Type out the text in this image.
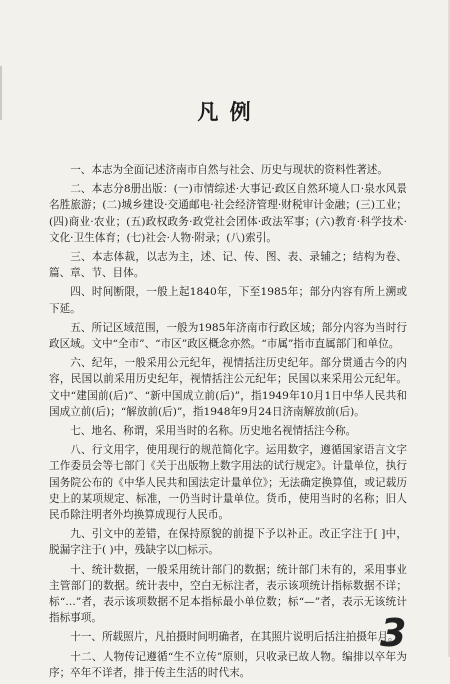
凡 例

一、本志为全面记述济南市自然与社会、历史与现状的资料性著述。

二、本志分8册出版：(一)市情综述·大事记·政区自然环境人口·泉水风景名胜旅游；(二)城乡建设·交通邮电·社会经济管理·财税审计金融；(三)工业；(四)商业·农业；(五)政权政务·政党社会团体·政法军事；(六)教育·科学技术·文化·卫生体育；(七)社会·人物·附录；(八)索引。

三、本志体裁，以志为主，述、记、传、图、表、录辅之；结构为卷、篇、章、节、目体。

四、时间断限，一般上起1840年，下至1985年；部分内容有所上溯或下延。

五、所记区域范围，一般为1985年济南市行政区域；部分内容为当时行政区域。文中“全市”、“市区”政区概念亦然。“市属”指市直属部门和单位。

六、纪年，一般采用公元纪年，视情括注历史纪年。部分贯通古今的内容，民国以前采用历史纪年，视情括注公元纪年；民国以来采用公元纪年。文中“建国前(后)”、“新中国成立前(后)”，指1949年10月1日中华人民共和国成立前(后)；“解放前(后)”，指1948年9月24日济南解放前(后)。

七、地名、称谓，采用当时的名称。历史地名视情括注今称。

八、行文用字，使用现行的规范简化字。运用数字，遵循国家语言文字工作委员会等七部门《关于出版物上数字用法的试行规定》。计量单位，执行国务院公布的《中华人民共和国法定计量单位》；无法确定换算值，或记载历史上的某项规定、标准，一仍当时计量单位。货币，使用当时的名称；旧人民币除注明者外均换算成现行人民币。

九、引文中的差错，在保持原貌的前提下予以补正。改正字注于[ ]中，脱漏字注于( )中，残缺字以□标示。

十、统计数据，一般采用统计部门的数据；统计部门未有的，采用事业主管部门的数据。统计表中，空白无标注者，表示该项统计指标数据不详；标“…”者，表示该项数据不足本指标最小单位数；标“—”者，表示无该统计指标事项。

十一、所载照片，凡拍摄时间明确者，在其照片说明后括注拍摄年月。

十二、人物传记遵循“生不立传”原则，只收录已故人物。编排以卒年为序；卒年不详者，排于传主生活的时代末。

3
